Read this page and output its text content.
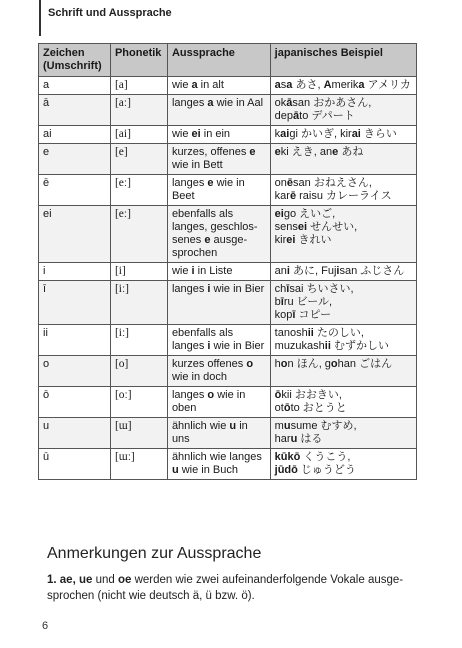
Schrift und Aussprache
Zeichen (Umschrift)	Phonetik	Aussprache	japanisches Beispiel
a	[a]	wie a in alt	asa あさ, Amerika アメリカ

ā	[aː]	langes a wie in Aal	okāsan おかあさん,
depāto デパート

ai	[ai]	wie ei in ein	kaigi かいぎ, kirai きらい

e	[e]	kurzes, offenes e wie in Bett	eki えき, ane あね

ē	[eː]	langes e wie in Beet	onēsan おねえさん,
karē raisu カレーライス

ei	[eː]	ebenfalls als langes, geschlos-senes e ausge-sprochen	eigo えいご,
sensei せんせい,
kirei きれい

i	[i]	wie i in Liste	ani あに, Fujisan ふじさん

ī	[iː]	langes i wie in Bier	chīsai ちいさい,
bīru ビール,
kopī コピー

ii	[iː]	ebenfalls als langes i wie in Bier	tanoshii たのしい,
muzukashii むずかしい

o	[o]	kurzes offenes o wie in doch	hon ほん, gohan ごはん

ō	[oː]	langes o wie in oben	ōkii おおきい,
otōto おとうと

u	[ɯ]	ähnlich wie u in uns	musume むすめ,
haru はる

ū	[ɯː]	ähnlich wie langes u wie in Buch	kūkō くうこう,
jūdō じゅうどう
Anmerkungen zur Aussprache
1. ae, ue und oe werden wie zwei aufeinanderfolgende Vokale ausge-sprochen (nicht wie deutsch ä, ü bzw. ö).
6
